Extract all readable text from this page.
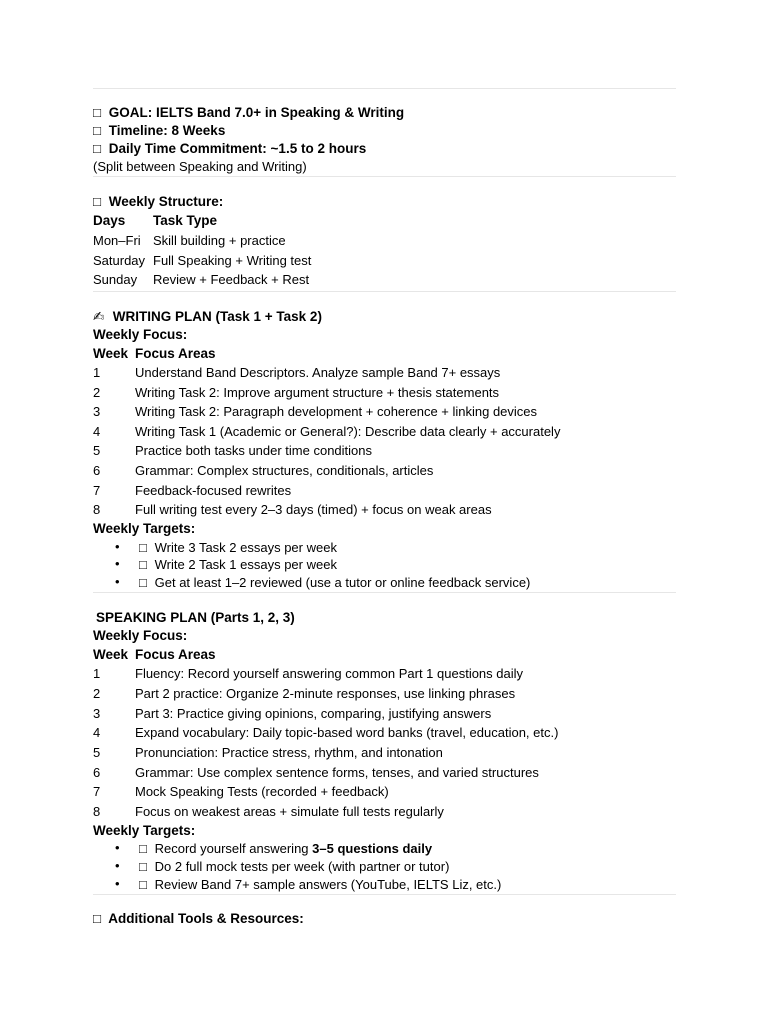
□ GOAL: IELTS Band 7.0+ in Speaking & Writing
□ Timeline: 8 Weeks
□ Daily Time Commitment: ~1.5 to 2 hours
(Split between Speaking and Writing)
□ Weekly Structure:
Days Task Type
Mon–Fri Skill building + practice
Saturday Full Speaking + Writing test
Sunday Review + Feedback + Rest
✍ WRITING PLAN (Task 1 + Task 2)
Weekly Focus:
Week Focus Areas
1	Understand Band Descriptors. Analyze sample Band 7+ essays
2	Writing Task 2: Improve argument structure + thesis statements
3	Writing Task 2: Paragraph development + coherence + linking devices
4	Writing Task 1 (Academic or General?): Describe data clearly + accurately
5	Practice both tasks under time conditions
6	Grammar: Complex structures, conditionals, articles
7	Feedback-focused rewrites
8	Full writing test every 2–3 days (timed) + focus on weak areas
Weekly Targets:
• □ Write 3 Task 2 essays per week
• □ Write 2 Task 1 essays per week
• □ Get at least 1–2 reviewed (use a tutor or online feedback service)
SPEAKING PLAN (Parts 1, 2, 3)
Weekly Focus:
Week Focus Areas
1	Fluency: Record yourself answering common Part 1 questions daily
2	Part 2 practice: Organize 2-minute responses, use linking phrases
3	Part 3: Practice giving opinions, comparing, justifying answers
4	Expand vocabulary: Daily topic-based word banks (travel, education, etc.)
5	Pronunciation: Practice stress, rhythm, and intonation
6	Grammar: Use complex sentence forms, tenses, and varied structures
7	Mock Speaking Tests (recorded + feedback)
8	Focus on weakest areas + simulate full tests regularly
Weekly Targets:
• □ Record yourself answering 3–5 questions daily
• □ Do 2 full mock tests per week (with partner or tutor)
• □ Review Band 7+ sample answers (YouTube, IELTS Liz, etc.)
□ Additional Tools & Resources:
